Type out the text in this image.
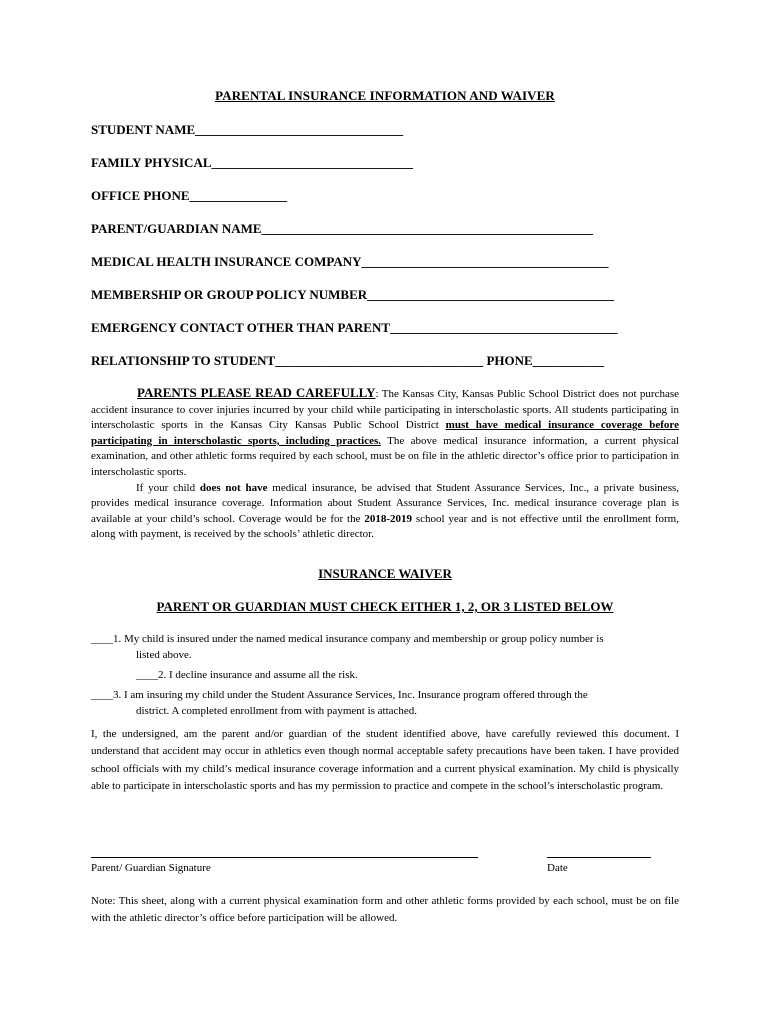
PARENTAL INSURANCE INFORMATION AND WAIVER
STUDENT NAME________________________________
FAMILY PHYSICAL_______________________________
OFFICE PHONE_______________
PARENT/GUARDIAN NAME___________________________________________________
MEDICAL HEALTH INSURANCE COMPANY______________________________________
MEMBERSHIP OR GROUP POLICY NUMBER______________________________________
EMERGENCY CONTACT OTHER THAN PARENT___________________________________
RELATIONSHIP TO STUDENT________________________________ PHONE___________
PARENTS PLEASE READ CAREFULLY: The Kansas City, Kansas Public School District does not purchase accident insurance to cover injuries incurred by your child while participating in interscholastic sports. All students participating in interscholastic sports in the Kansas City Kansas Public School District must have medical insurance coverage before participating in interscholastic sports, including practices. The above medical insurance information, a current physical examination, and other athletic forms required by each school, must be on file in the athletic director’s office prior to participation in interscholastic sports.
If your child does not have medical insurance, be advised that Student Assurance Services, Inc., a private business, provides medical insurance coverage. Information about Student Assurance Services, Inc. medical insurance coverage plan is available at your child’s school. Coverage would be for the 2018-2019 school year and is not effective until the enrollment form, along with payment, is received by the schools’ athletic director.
INSURANCE WAIVER
PARENT OR GUARDIAN MUST CHECK EITHER 1, 2, OR 3 LISTED BELOW
____1. My child is insured under the named medical insurance company and membership or group policy number is
listed above.
____2. I decline insurance and assume all the risk.
____3. I am insuring my child under the Student Assurance Services, Inc. Insurance program offered through the
district. A completed enrollment from with payment is attached.
I, the undersigned, am the parent and/or guardian of the student identified above, have carefully reviewed this document. I understand that accident may occur in athletics even though normal acceptable safety precautions have been taken. I have provided school officials with my child’s medical insurance coverage information and a current physical examination. My child is physically able to participate in interscholastic sports and has my permission to practice and compete in the school’s interscholastic program.
Parent/ Guardian Signature	Date
Note: This sheet, along with a current physical examination form and other athletic forms provided by each school, must be on file with the athletic director’s office before participation will be allowed.
